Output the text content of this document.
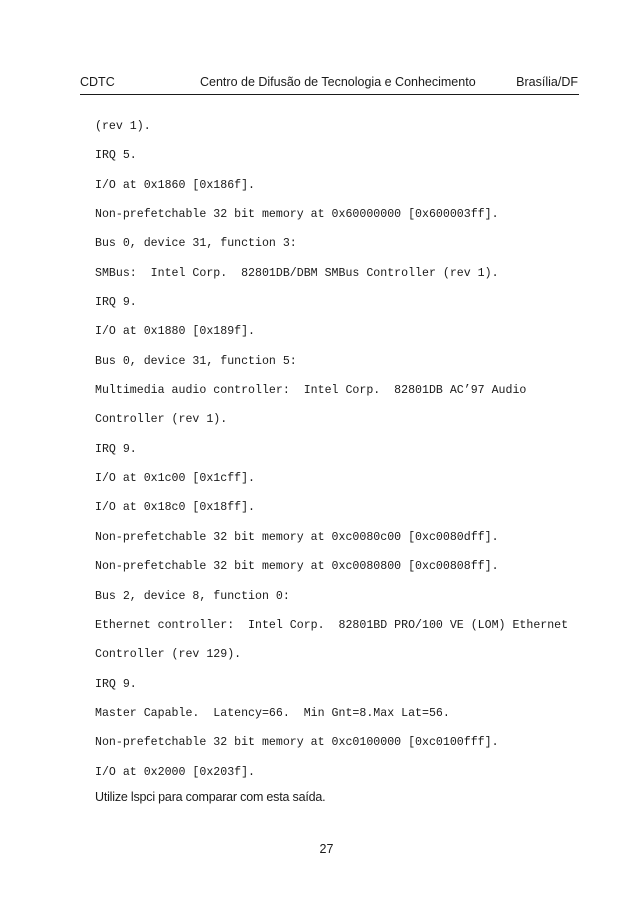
CDTC	Centro de Difusão de Tecnologia e Conhecimento	Brasília/DF
(rev 1).
IRQ 5.
I/O at 0x1860 [0x186f].
Non-prefetchable 32 bit memory at 0x60000000 [0x600003ff].
Bus 0, device 31, function 3:
SMBus:  Intel Corp.  82801DB/DBM SMBus Controller (rev 1).
IRQ 9.
I/O at 0x1880 [0x189f].
Bus 0, device 31, function 5:
Multimedia audio controller:  Intel Corp.  82801DB AC’97 Audio
Controller (rev 1).
IRQ 9.
I/O at 0x1c00 [0x1cff].
I/O at 0x18c0 [0x18ff].
Non-prefetchable 32 bit memory at 0xc0080c00 [0xc0080dff].
Non-prefetchable 32 bit memory at 0xc0080800 [0xc00808ff].
Bus 2, device 8, function 0:
Ethernet controller:  Intel Corp.  82801BD PRO/100 VE (LOM) Ethernet
Controller (rev 129).
IRQ 9.
Master Capable.  Latency=66.  Min Gnt=8.Max Lat=56.
Non-prefetchable 32 bit memory at 0xc0100000 [0xc0100fff].
I/O at 0x2000 [0x203f].
Utilize lspci para comparar com esta saída.
27
